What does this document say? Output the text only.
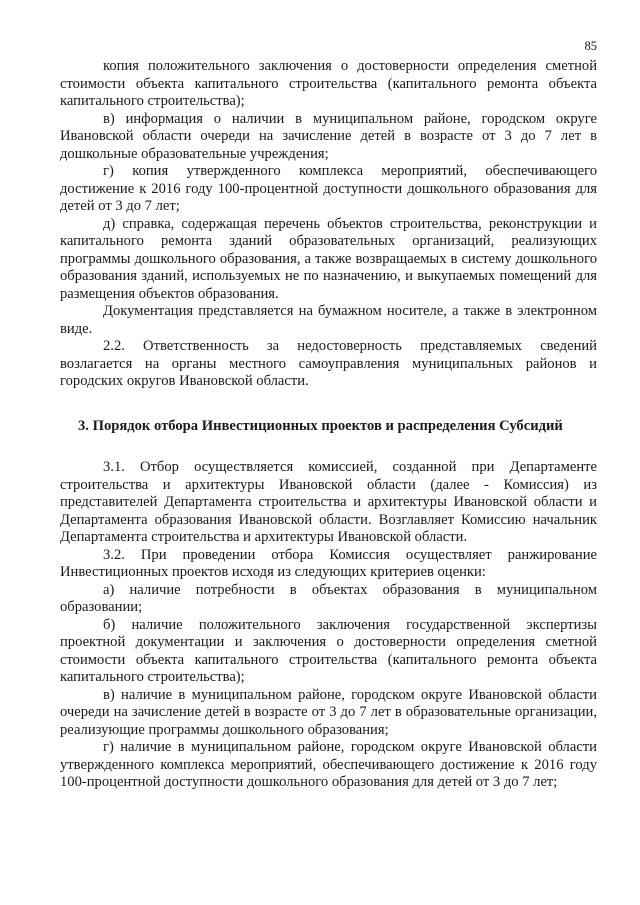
85

копия положительного заключения о достоверности определения сметной стоимости объекта капитального строительства (капитального ремонта объекта капитального строительства);

в) информация о наличии в муниципальном районе, городском округе Ивановской области очереди на зачисление детей в возрасте от 3 до 7 лет в дошкольные образовательные учреждения;

г) копия утвержденного комплекса мероприятий, обеспечивающего достижение к 2016 году 100-процентной доступности дошкольного образования для детей от 3 до 7 лет;

д) справка, содержащая перечень объектов строительства, реконструкции и капитального ремонта зданий образовательных организаций, реализующих программы дошкольного образования, а также возвращаемых в систему дошкольного образования зданий, используемых не по назначению, и выкупаемых помещений для размещения объектов образования.

Документация представляется на бумажном носителе, а также в электронном виде.

2.2. Ответственность за недостоверность представляемых сведений возлагается на органы местного самоуправления муниципальных районов и городских округов Ивановской области.

3. Порядок отбора Инвестиционных проектов и распределения Субсидий

3.1. Отбор осуществляется комиссией, созданной при Департаменте строительства и архитектуры Ивановской области (далее - Комиссия) из представителей Департамента строительства и архитектуры Ивановской области и Департамента образования Ивановской области. Возглавляет Комиссию начальник Департамента строительства и архитектуры Ивановской области.

3.2. При проведении отбора Комиссия осуществляет ранжирование Инвестиционных проектов исходя из следующих критериев оценки:

а) наличие потребности в объектах образования в муниципальном образовании;

б) наличие положительного заключения государственной экспертизы проектной документации и заключения о достоверности определения сметной стоимости объекта капитального строительства (капитального ремонта объекта капитального строительства);

в) наличие в муниципальном районе, городском округе Ивановской области очереди на зачисление детей в возрасте от 3 до 7 лет в образовательные организации, реализующие программы дошкольного образования;

г) наличие в муниципальном районе, городском округе Ивановской области утвержденного комплекса мероприятий, обеспечивающего достижение к 2016 году 100-процентной доступности дошкольного образования для детей от 3 до 7 лет;
